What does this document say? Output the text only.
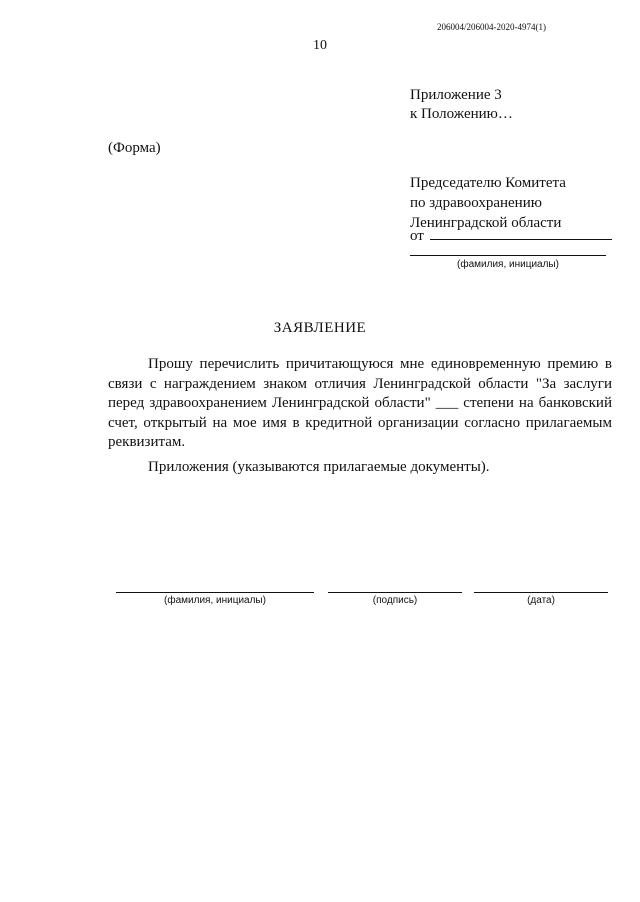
206004/206004-2020-4974(1)
10
Приложение 3
к Положению…
(Форма)
Председателю Комитета
по здравоохранению
Ленинградской области
от
(фамилия, инициалы)
ЗАЯВЛЕНИЕ

Прошу перечислить причитающуюся мне единовременную премию в связи с награждением знаком отличия Ленинградской области "За заслуги перед здравоохранением Ленинградской области" ___ степени на банковский счет, открытый на мое имя в кредитной организации согласно прилагаемым реквизитам.

Приложения (указываются прилагаемые документы).
(фамилия, инициалы)	(подпись)	(дата)
